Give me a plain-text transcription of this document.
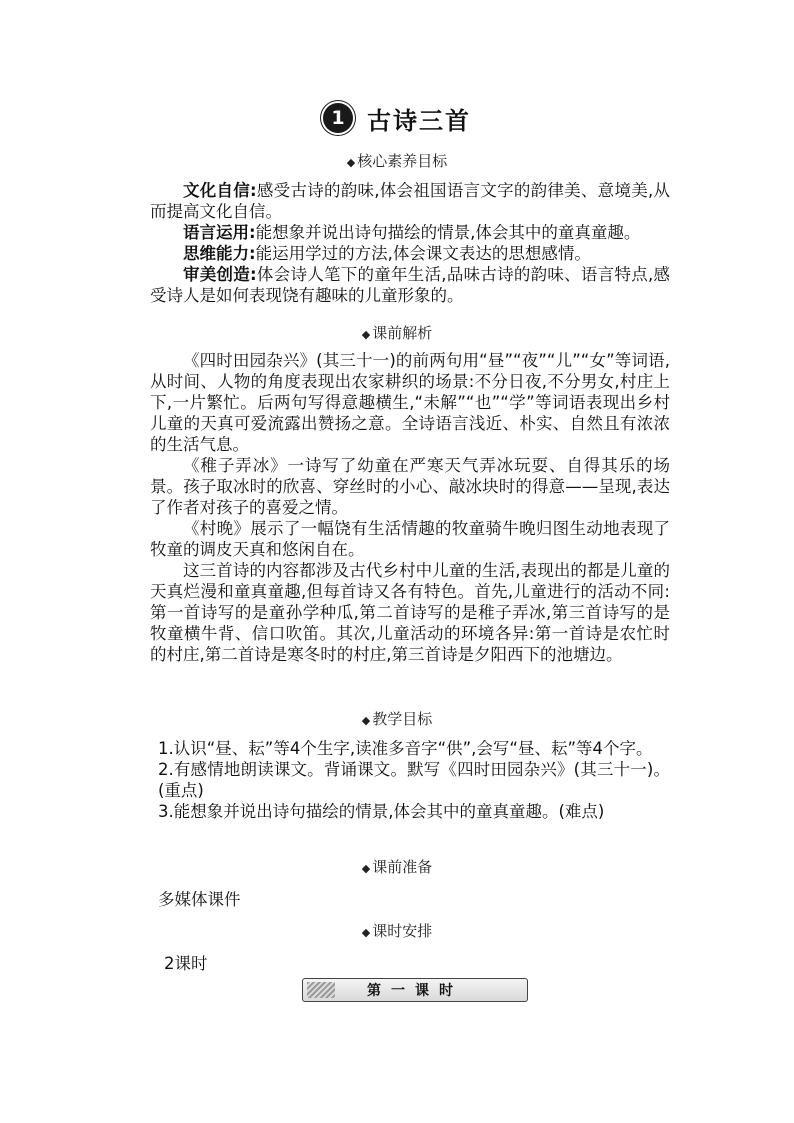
1 古诗三首
◆ 核心素养目标

文化自信:感受古诗的韵味,体会祖国语言文字的韵律美、意境美,从而提高文化自信。

语言运用:能想象并说出诗句描绘的情景,体会其中的童真童趣。

思维能力:能运用学过的方法,体会课文表达的思想感情。

审美创造:体会诗人笔下的童年生活,品味古诗的韵味、语言特点,感受诗人是如何表现饶有趣味的儿童形象的。

◆ 课前解析

《四时田园杂兴》(其三十一)的前两句用“昼”“夜”“儿”“女”等词语,从时间、人物的角度表现出农家耕织的场景:不分日夜,不分男女,村庄上下,一片繁忙。后两句写得意趣横生,“未解”“也”“学”等词语表现出乡村儿童的天真可爱流露出赞扬之意。全诗语言浅近、朴实、自然且有浓浓的生活气息。

《稚子弄冰》一诗写了幼童在严寒天气弄冰玩耍、自得其乐的场景。孩子取冰时的欣喜、穿丝时的小心、敲冰块时的得意——呈现,表达了作者对孩子的喜爱之情。

《村晚》展示了一幅饶有生活情趣的牧童骑牛晚归图生动地表现了牧童的调皮天真和悠闲自在。

这三首诗的内容都涉及古代乡村中儿童的生活,表现出的都是儿童的天真烂漫和童真童趣,但每首诗又各有特色。首先,儿童进行的活动不同:第一首诗写的是童孙学种瓜,第二首诗写的是稚子弄冰,第三首诗写的是牧童横牛背、信口吹笛。其次,儿童活动的环境各异:第一首诗是农忙时的村庄,第二首诗是寒冬时的村庄,第三首诗是夕阳西下的池塘边。

◆ 教学目标

1.认识“昼、耘”等4个生字,读准多音字“供”,会写“昼、耘”等4个字。

2.有感情地朗读课文。背诵课文。默写《四时田园杂兴》(其三十一)。(重点)

3.能想象并说出诗句描绘的情景,体会其中的童真童趣。(难点)

◆ 课前准备
多媒体课件
◆ 课时安排
2课时
第一课时
